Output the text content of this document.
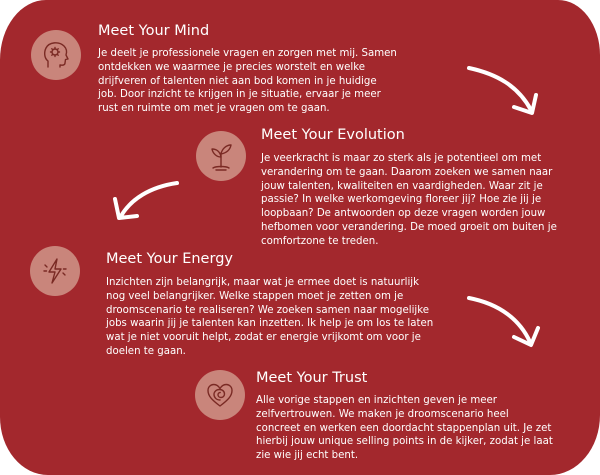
Meet Your Mind

Je deelt je professionele vragen en zorgen met mij. Samen ontdekken we waarmee je precies worstelt en welke drijfveren of talenten niet aan bod komen in je huidige job. Door inzicht te krijgen in je situatie, ervaar je meer rust en ruimte om met je vragen om te gaan.

Meet Your Evolution

Je veerkracht is maar zo sterk als je potentieel om met verandering om te gaan. Daarom zoeken we samen naar jouw talenten, kwaliteiten en vaardigheden. Waar zit je passie? In welke werkomgeving floreer jij? Hoe zie jij je loopbaan? De antwoorden op deze vragen worden jouw hefbomen voor verandering. De moed groeit om buiten je comfortzone te treden.

Meet Your Energy

Inzichten zijn belangrijk, maar wat je ermee doet is natuurlijk nog veel belangrijker. Welke stappen moet je zetten om je droomscenario te realiseren? We zoeken samen naar mogelijke jobs waarin jij je talenten kan inzetten. Ik help je om los te laten wat je niet vooruit helpt, zodat er energie vrijkomt om voor je doelen te gaan.

Meet Your Trust

Alle vorige stappen en inzichten geven je meer zelfvertrouwen. We maken je droomscenario heel concreet en werken een doordacht stappenplan uit. Je zet hierbij jouw unique selling points in de kijker, zodat je laat zie wie jij echt bent.
